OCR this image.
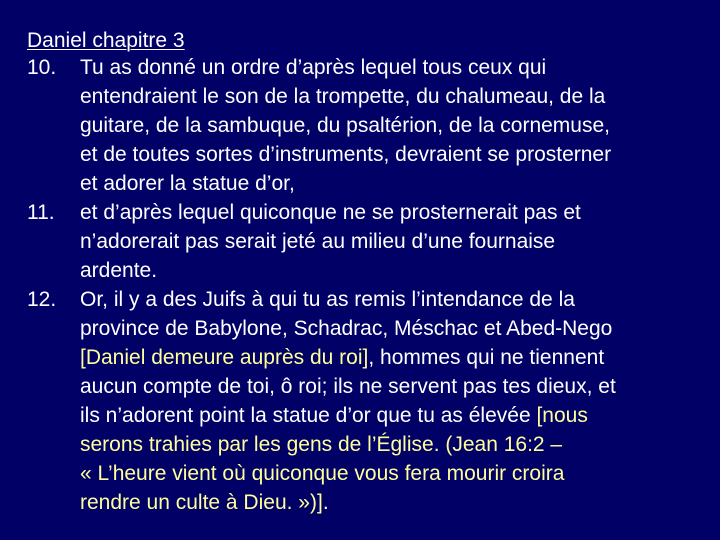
Daniel chapitre 3
10. Tu as donné un ordre d’après lequel tous ceux qui
entendraient le son de la trompette, du chalumeau, de la
guitare, de la sambuque, du psaltérion, de la cornemuse,
et de toutes sortes d’instruments, devraient se prosterner
et adorer la statue d’or,
11. et d’après lequel quiconque ne se prosternerait pas et
n’adorerait pas serait jeté au milieu d’une fournaise
ardente.
12. Or, il y a des Juifs à qui tu as remis l’intendance de la
province de Babylone, Schadrac, Méschac et Abed-Nego
[Daniel demeure auprès du roi], hommes qui ne tiennent
aucun compte de toi, ô roi; ils ne servent pas tes dieux, et
ils n’adorent point la statue d’or que tu as élevée [nous
serons trahies par les gens de l’Église. (Jean 16:2 –
« L’heure vient où quiconque vous fera mourir croira
rendre un culte à Dieu. »)].
